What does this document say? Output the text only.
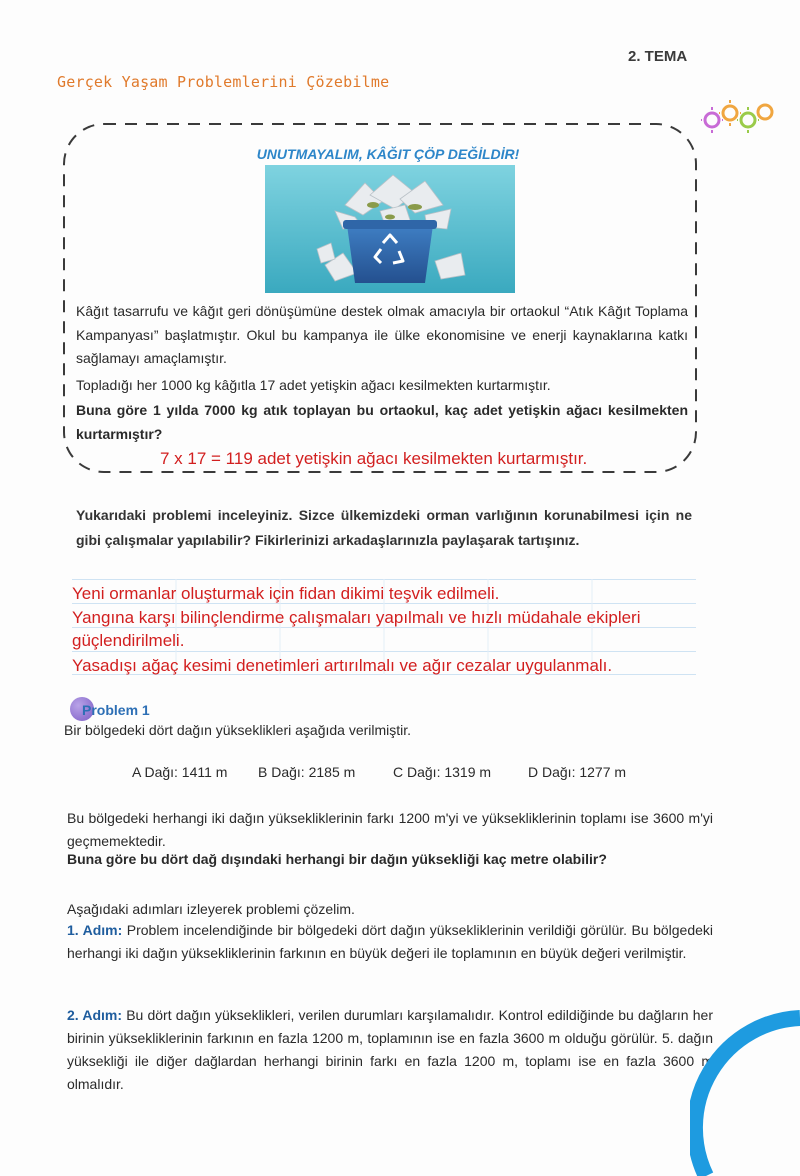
2. TEMA
Gerçek Yaşam Problemlerini Çözebilme
UNUTMAYALIM, KÂĞIT ÇÖP DEĞİLDİR!
Kâğıt tasarrufu ve kâğıt geri dönüşümüne destek olmak amacıyla bir ortaokul “Atık Kâğıt Toplama Kampanyası” başlatmıştır. Okul bu kampanya ile ülke ekonomisine ve enerji kaynaklarına katkı sağlamayı amaçlamıştır.
Topladığı her 1000 kg kâğıtla 17 adet yetişkin ağacı kesilmekten kurtarmıştır.
Buna göre 1 yılda 7000 kg atık toplayan bu ortaokul, kaç adet yetişkin ağacı kesilmekten kurtarmıştır?
7 x 17 = 119 adet yetişkin ağacı kesilmekten kurtarmıştır.
Yukarıdaki problemi inceleyiniz. Sizce ülkemizdeki orman varlığının korunabilmesi için ne gibi çalışmalar yapılabilir? Fikirlerinizi arkadaşlarınızla paylaşarak tartışınız.
Yeni ormanlar oluşturmak için fidan dikimi teşvik edilmeli.
Yangına karşı bilinçlendirme çalışmaları yapılmalı ve hızlı müdahale ekipleri
güçlendirilmeli.
Yasadışı ağaç kesimi denetimleri artırılmalı ve ağır cezalar uygulanmalı.
Problem 1
Bir bölgedeki dört dağın yükseklikleri aşağıda verilmiştir.
A Dağı: 1411 m B Dağı: 2185 m	C Dağı: 1319 m	D Dağı: 1277 m
Bu bölgedeki herhangi iki dağın yüksekliklerinin farkı 1200 m'yi ve yüksekliklerinin toplamı ise 3600 m'yi geçmemektedir.
Buna göre bu dört dağ dışındaki herhangi bir dağın yüksekliği kaç metre olabilir?
Aşağıdaki adımları izleyerek problemi çözelim.
1. Adım: Problem incelendiğinde bir bölgedeki dört dağın yüksekliklerinin verildiği görülür. Bu bölgedeki herhangi iki dağın yüksekliklerinin farkının en büyük değeri ile toplamının en büyük değeri verilmiştir.
2. Adım: Bu dört dağın yükseklikleri, verilen durumları karşılamalıdır. Kontrol edildiğinde bu dağların her birinin yüksekliklerinin farkının en fazla 1200 m, toplamının ise en fazla 3600 m olduğu görülür. 5. dağın yüksekliği ile diğer dağlardan herhangi birinin farkı en fazla 1200 m, toplamı ise en fazla 3600 m olmalıdır.
